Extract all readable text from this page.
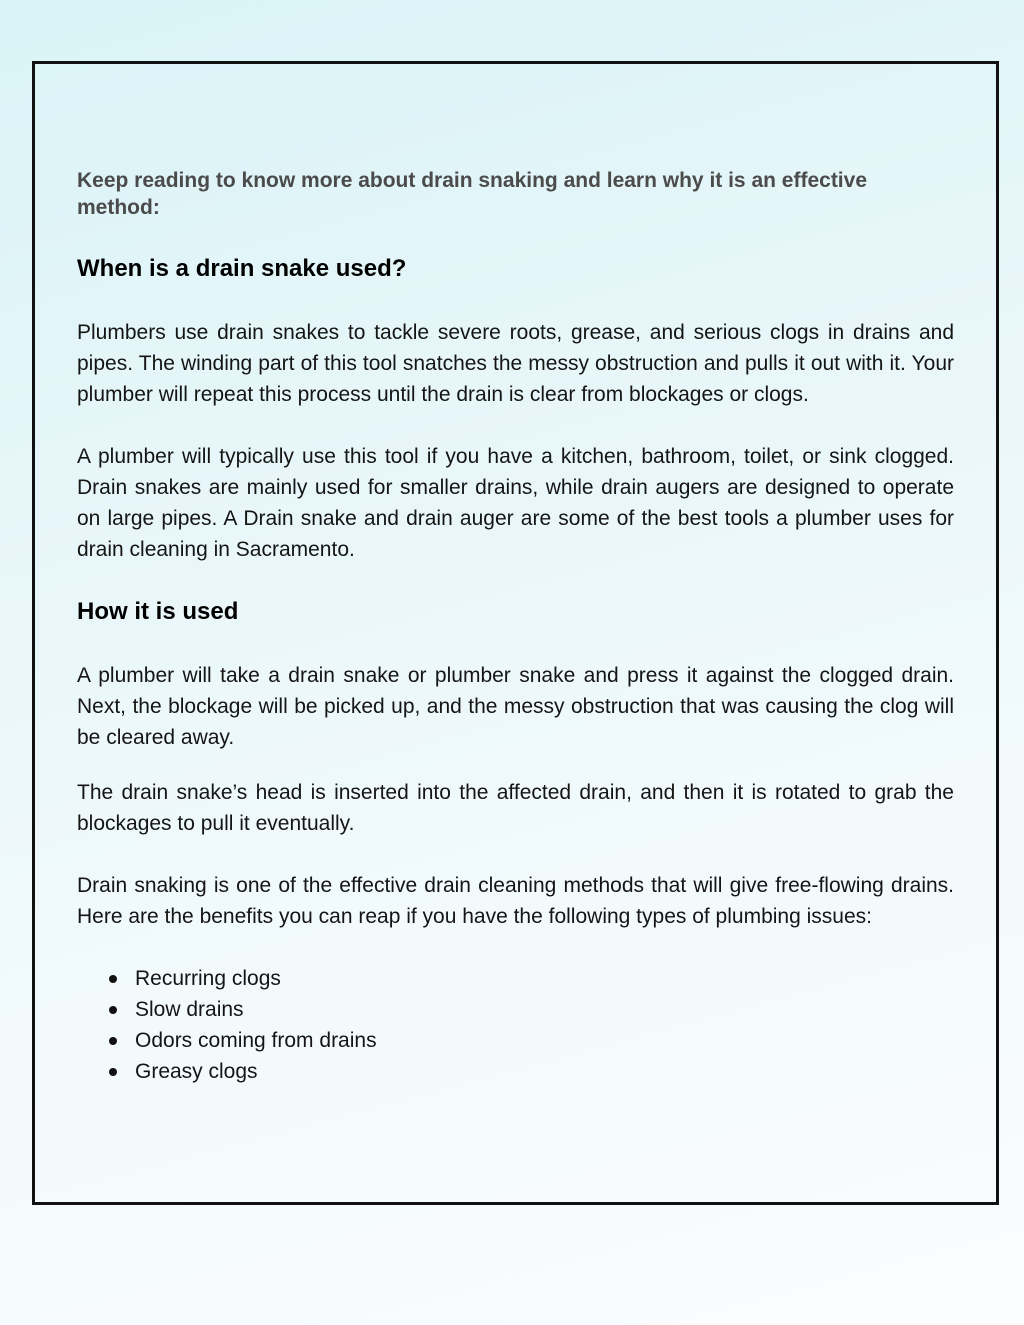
Keep reading to know more about drain snaking and learn why it is an effective method:

When is a drain snake used?

Plumbers use drain snakes to tackle severe roots, grease, and serious clogs in drains and pipes. The winding part of this tool snatches the messy obstruction and pulls it out with it. Your plumber will repeat this process until the drain is clear from blockages or clogs.

A plumber will typically use this tool if you have a kitchen, bathroom, toilet, or sink clogged. Drain snakes are mainly used for smaller drains, while drain augers are designed to operate on large pipes. A Drain snake and drain auger are some of the best tools a plumber uses for drain cleaning in Sacramento.

How it is used

A plumber will take a drain snake or plumber snake and press it against the clogged drain. Next, the blockage will be picked up, and the messy obstruction that was causing the clog will be cleared away.

The drain snake’s head is inserted into the affected drain, and then it is rotated to grab the blockages to pull it eventually.

Drain snaking is one of the effective drain cleaning methods that will give free-flowing drains. Here are the benefits you can reap if you have the following types of plumbing issues:

Recurring clogs
Slow drains
Odors coming from drains
Greasy clogs
